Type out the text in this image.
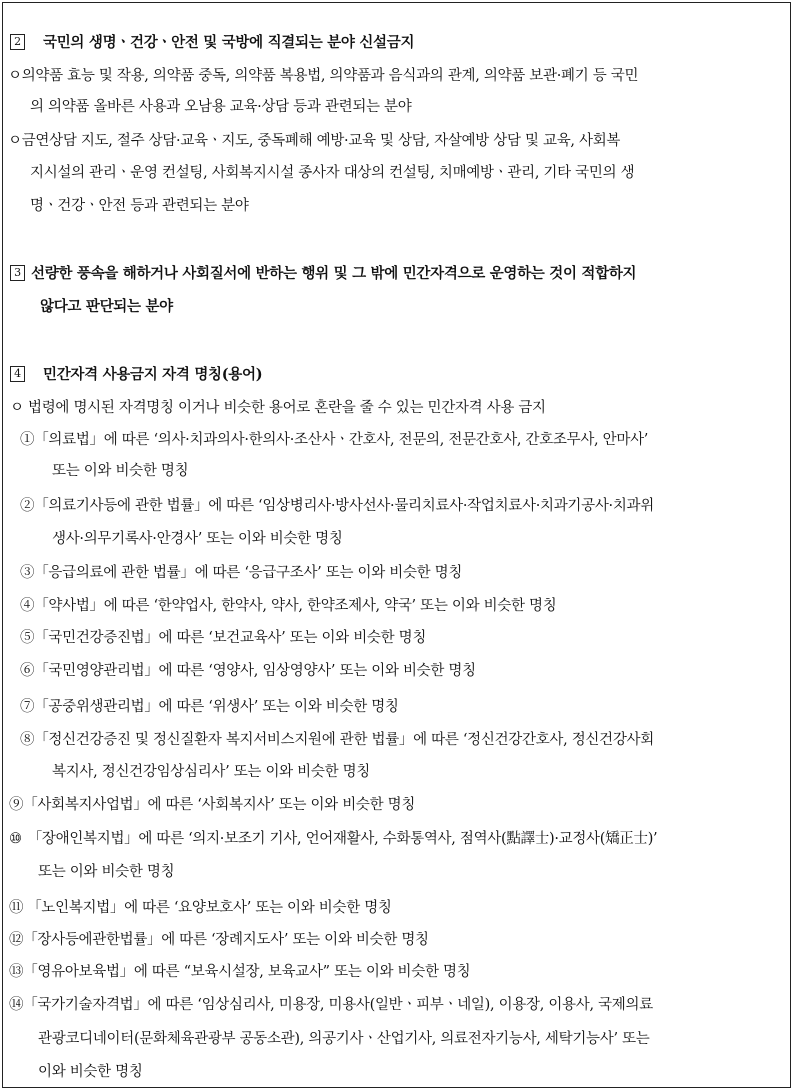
2 국민의 생명ㆍ건강ㆍ안전 및 국방에 직결되는 분야 신설금지
ㅇ의약품 효능 및 작용, 의약품 중독, 의약품 복용법, 의약품과 음식과의 관계, 의약품 보관·폐기 등 국민
의 의약품 올바른 사용과 오남용 교육·상담 등과 관련되는 분야
ㅇ금연상담 지도, 절주 상담·교육ㆍ지도, 중독폐해 예방·교육 및 상담, 자살예방 상담 및 교육, 사회복
지시설의 관리ㆍ운영 컨설팅, 사회복지시설 종사자 대상의 컨설팅, 치매예방ㆍ관리, 기타 국민의 생
명ㆍ건강ㆍ안전 등과 관련되는 분야
3 선량한 풍속을 해하거나 사회질서에 반하는 행위 및 그 밖에 민간자격으로 운영하는 것이 적합하지
않다고 판단되는 분야
4 민간자격 사용금지 자격 명칭(용어)
ㅇ 법령에 명시된 자격명칭 이거나 비슷한 용어로 혼란을 줄 수 있는 민간자격 사용 금지
①「의료법」에 따른 ‘의사·치과의사·한의사·조산사ㆍ간호사, 전문의, 전문간호사, 간호조무사, 안마사’
또는 이와 비슷한 명칭
②「의료기사등에 관한 법률」에 따른 ‘임상병리사·방사선사·물리치료사·작업치료사·치과기공사·치과위
생사·의무기록사·안경사’ 또는 이와 비슷한 명칭
③「응급의료에 관한 법률」에 따른 ‘응급구조사’ 또는 이와 비슷한 명칭
④「약사법」에 따른 ‘한약업사, 한약사, 약사, 한약조제사, 약국’ 또는 이와 비슷한 명칭
⑤「국민건강증진법」에 따른 ‘보건교육사’ 또는 이와 비슷한 명칭
⑥「국민영양관리법」에 따른 ‘영양사, 임상영양사’ 또는 이와 비슷한 명칭
⑦「공중위생관리법」에 따른 ‘위생사’ 또는 이와 비슷한 명칭
⑧「정신건강증진 및 정신질환자 복지서비스지원에 관한 법률」에 따른 ‘정신건강간호사, 정신건강사회
복지사, 정신건강임상심리사’ 또는 이와 비슷한 명칭
⑨「사회복지사업법」에 따른 ‘사회복지사’ 또는 이와 비슷한 명칭
⑩ 「장애인복지법」에 따른 ‘의지·보조기 기사, 언어재활사, 수화통역사, 점역사(點譯士)·교정사(矯正士)’
또는 이와 비슷한 명칭
⑪ 「노인복지법」에 따른 ‘요양보호사’ 또는 이와 비슷한 명칭
⑫「장사등에관한법률」에 따른 ‘장례지도사’ 또는 이와 비슷한 명칭
⑬「영유아보육법」에 따른 “보육시설장, 보육교사” 또는 이와 비슷한 명칭
⑭「국가기술자격법」에 따른 ‘임상심리사, 미용장, 미용사(일반ㆍ피부ㆍ네일), 이용장, 이용사, 국제의료
관광코디네이터(문화체육관광부 공동소관), 의공기사ㆍ산업기사, 의료전자기능사, 세탁기능사’ 또는
이와 비슷한 명칭
